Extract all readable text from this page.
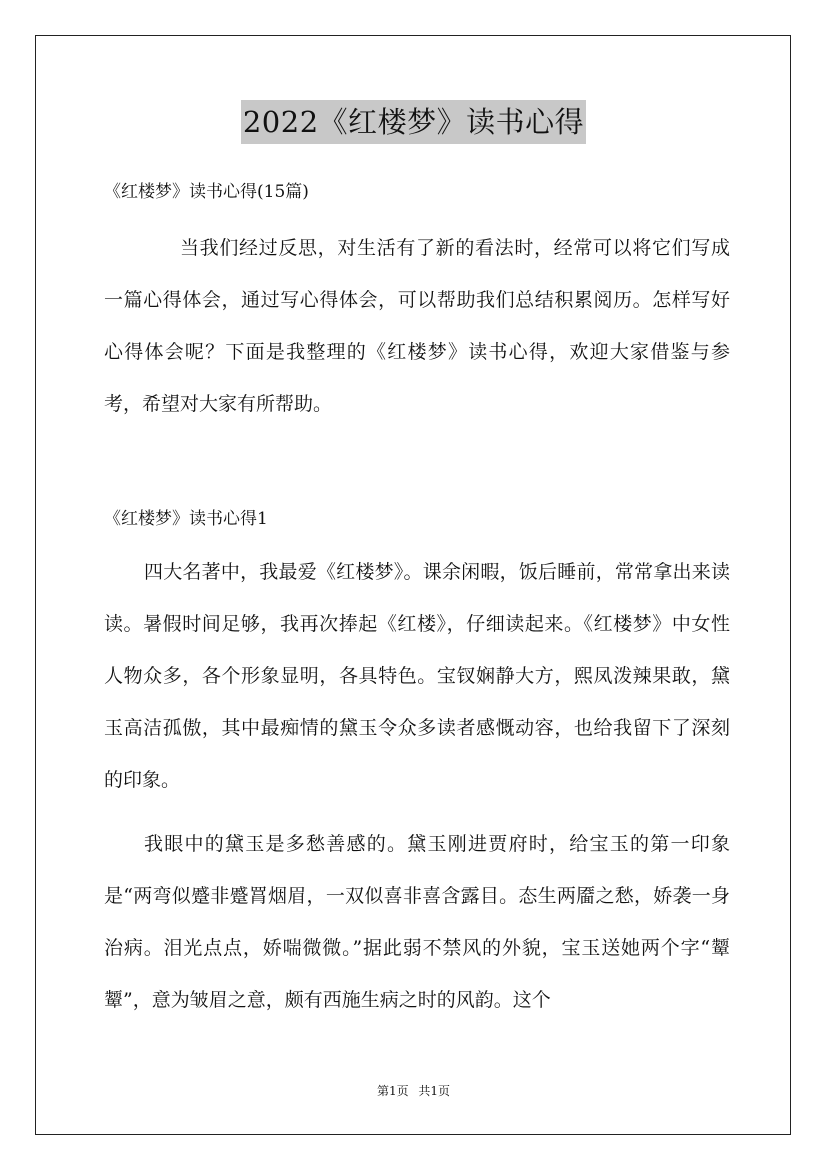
2022《红楼梦》读书心得
《红楼梦》读书心得(15篇)

当我们经过反思，对生活有了新的看法时，经常可以将它们写成一篇心得体会，通过写心得体会，可以帮助我们总结积累阅历。怎样写好心得体会呢？下面是我整理的《红楼梦》读书心得，欢迎大家借鉴与参考，希望对大家有所帮助。

《红楼梦》读书心得1

四大名著中，我最爱《红楼梦》。课余闲暇，饭后睡前，常常拿出来读读。暑假时间足够，我再次捧起《红楼》，仔细读起来。《红楼梦》中女性人物众多，各个形象显明，各具特色。宝钗娴静大方，熙凤泼辣果敢，黛玉高洁孤傲，其中最痴情的黛玉令众多读者感慨动容，也给我留下了深刻的印象。

我眼中的黛玉是多愁善感的。黛玉刚进贾府时，给宝玉的第一印象是“两弯似蹙非蹙罥烟眉，一双似喜非喜含露目。态生两靥之愁，娇袭一身治病。泪光点点，娇喘微微。”据此弱不禁风的外貌，宝玉送她两个字“颦颦”，意为皱眉之意，颇有西施生病之时的风韵。这个

第1页 共1页
